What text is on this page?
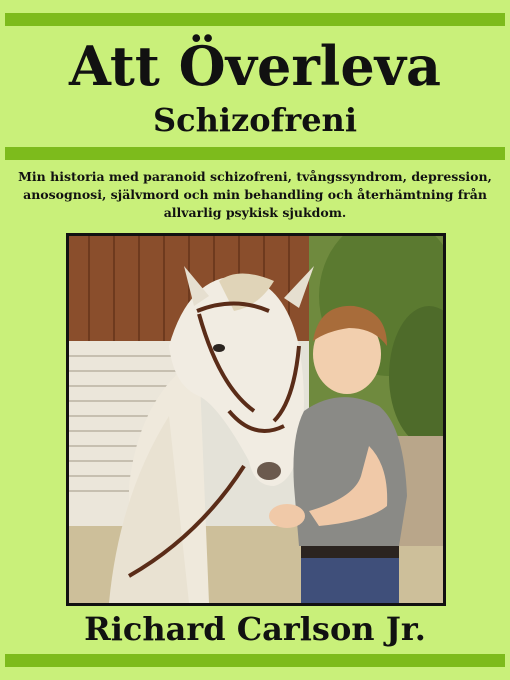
Att Överleva
Schizofreni
Min historia med paranoid schizofreni, tvångssyndrom, depression, anosognosi, självmord och min behandling och återhämtning från allvarlig psykisk sjukdom.
Richard Carlson Jr.
